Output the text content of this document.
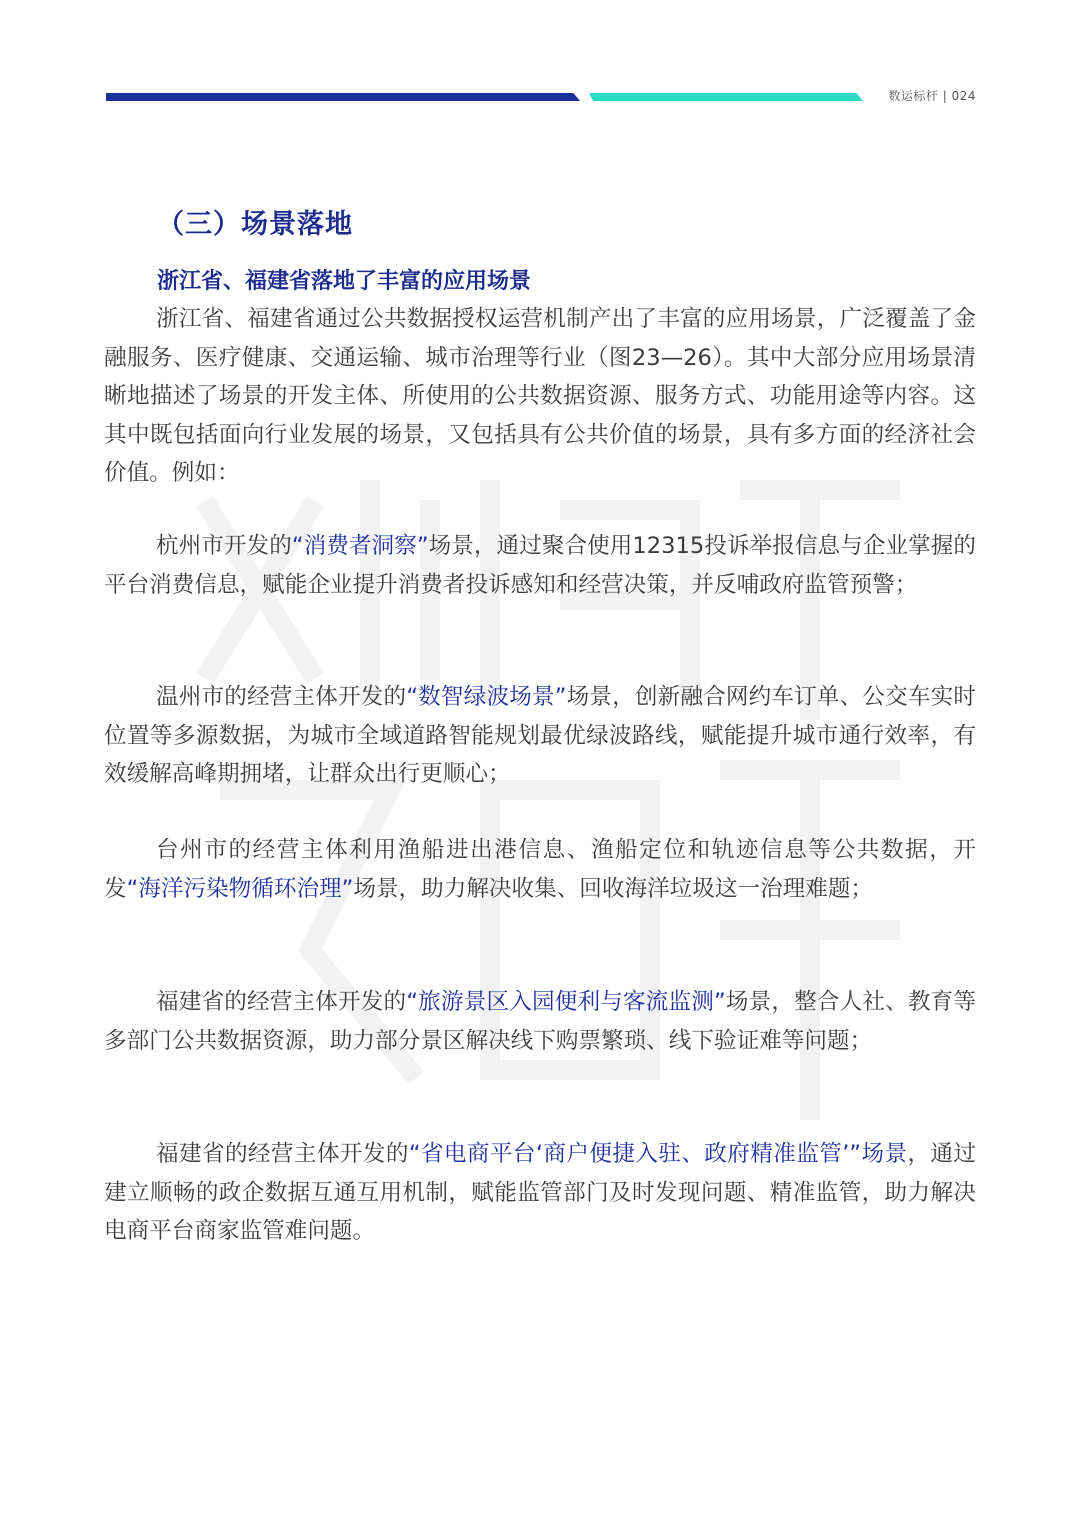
数运标杆 | 024
（三）场景落地
浙江省、福建省落地了丰富的应用场景

浙江省、福建省通过公共数据授权运营机制产出了丰富的应用场景，广泛覆盖了金融服务、医疗健康、交通运输、城市治理等行业（图23—26）。其中大部分应用场景清晰地描述了场景的开发主体、所使用的公共数据资源、服务方式、功能用途等内容。这其中既包括面向行业发展的场景，又包括具有公共价值的场景，具有多方面的经济社会价值。例如：

杭州市开发的“消费者洞察”场景，通过聚合使用12315投诉举报信息与企业掌握的平台消费信息，赋能企业提升消费者投诉感知和经营决策，并反哺政府监管预警；

温州市的经营主体开发的“数智绿波场景”场景，创新融合网约车订单、公交车实时位置等多源数据，为城市全域道路智能规划最优绿波路线，赋能提升城市通行效率，有效缓解高峰期拥堵，让群众出行更顺心；

台州市的经营主体利用渔船进出港信息、渔船定位和轨迹信息等公共数据，开发“海洋污染物循环治理”场景，助力解决收集、回收海洋垃圾这一治理难题；

福建省的经营主体开发的“旅游景区入园便利与客流监测”场景，整合人社、教育等多部门公共数据资源，助力部分景区解决线下购票繁琐、线下验证难等问题；

福建省的经营主体开发的“省电商平台‘商户便捷入驻、政府精准监管’”场景，通过建立顺畅的政企数据互通互用机制，赋能监管部门及时发现问题、精准监管，助力解决电商平台商家监管难问题。
